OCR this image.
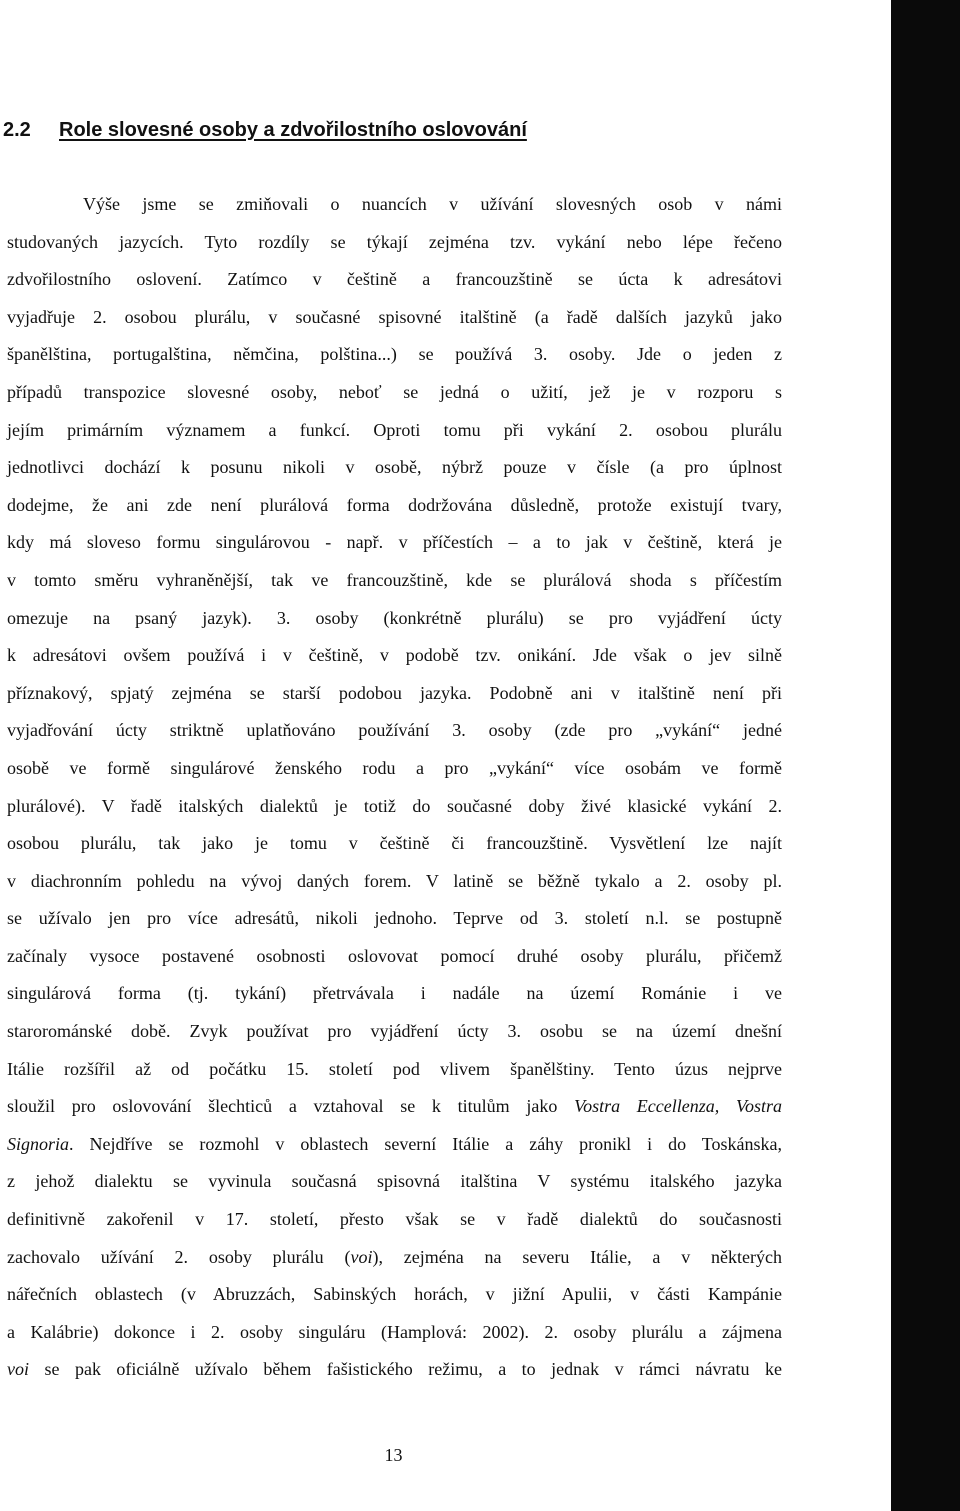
2.2 Role slovesné osoby a zdvořilostního oslovování
Výše jsme se zmiňovali o nuancích v užívání slovesných osob v námi
studovaných jazycích. Tyto rozdíly se týkají zejména tzv. vykání nebo lépe řečeno
zdvořilostního oslovení. Zatímco v češtině a francouzštině se úcta k adresátovi
vyjadřuje 2. osobou plurálu, v současné spisovné italštině (a řadě dalších jazyků jako
španělština, portugalština, němčina, polština...) se používá 3. osoby. Jde o jeden z
případů transpozice slovesné osoby, neboť se jedná o užití, jež je v rozporu s
jejím primárním významem a funkcí. Oproti tomu při vykání 2. osobou plurálu
jednotlivci dochází k posunu nikoli v osobě, nýbrž pouze v čísle (a pro úplnost
dodejme, že ani zde není plurálová forma dodržována důsledně, protože existují tvary,
kdy má sloveso formu singulárovou - např. v příčestích – a to jak v češtině, která je
v tomto směru vyhraněnější, tak ve francouzštině, kde se plurálová shoda s příčestím
omezuje na psaný jazyk). 3. osoby (konkrétně plurálu) se pro vyjádření úcty
k adresátovi ovšem používá i v češtině, v podobě tzv. onikání. Jde však o jev silně
příznakový, spjatý zejména se starší podobou jazyka. Podobně ani v italštině není při
vyjadřování úcty striktně uplatňováno používání 3. osoby (zde pro „vykání“ jedné
osobě ve formě singulárové ženského rodu a pro „vykání“ více osobám ve formě
plurálové). V řadě italských dialektů je totiž do současné doby živé klasické vykání 2.
osobou plurálu, tak jako je tomu v češtině či francouzštině. Vysvětlení lze najít
v diachronním pohledu na vývoj daných forem. V latině se běžně tykalo a 2. osoby pl.
se užívalo jen pro více adresátů, nikoli jednoho. Teprve od 3. století n.l. se postupně
začínaly vysoce postavené osobnosti oslovovat pomocí druhé osoby plurálu, přičemž
singulárová forma (tj. tykání) přetrvávala i nadále na území Románie i ve
starorománské době. Zvyk používat pro vyjádření úcty 3. osobu se na území dnešní
Itálie rozšířil až od počátku 15. století pod vlivem španělštiny. Tento úzus nejprve
sloužil pro oslovování šlechticů a vztahoval se k titulům jako Vostra Eccellenza, Vostra
Signoria. Nejdříve se rozmohl v oblastech severní Itálie a záhy pronikl i do Toskánska,
z jehož dialektu se vyvinula současná spisovná italština V systému italského jazyka
definitivně zakořenil v 17. století, přesto však se v řadě dialektů do současnosti
zachovalo užívání 2. osoby plurálu (voi), zejména na severu Itálie, a v některých
nářečních oblastech (v Abruzzách, Sabinských horách, v jižní Apulii, v části Kampánie
a Kalábrie) dokonce i 2. osoby singuláru (Hamplová: 2002). 2. osoby plurálu a zájmena
voi se pak oficiálně užívalo během fašistického režimu, a to jednak v rámci návratu ke
13
